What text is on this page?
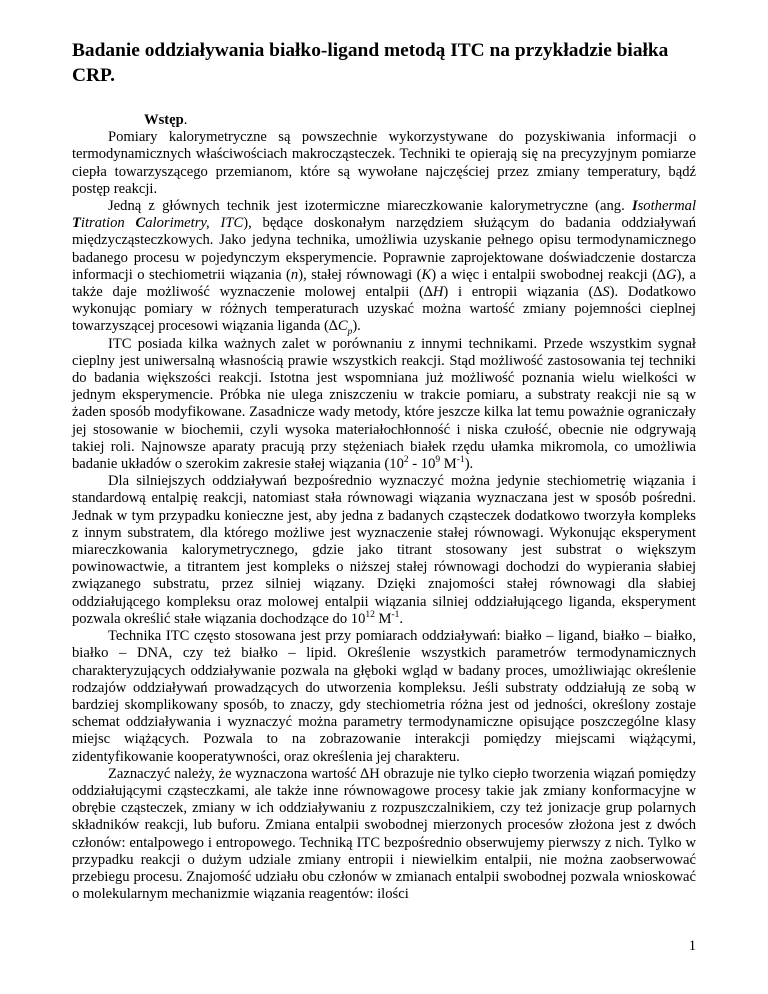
Badanie oddziaływania białko-ligand metodą ITC na przykładzie białka CRP.

Wstęp.

Pomiary kalorymetryczne są powszechnie wykorzystywane do pozyskiwania informacji o termodynamicznych właściwościach makrocząsteczek. Techniki te opierają się na precyzyjnym pomiarze ciepła towarzyszącego przemianom, które są wywołane najczęściej przez zmiany temperatury, bądź postęp reakcji.

Jedną z głównych technik jest izotermiczne miareczkowanie kalorymetryczne (ang. Isothermal Titration Calorimetry, ITC), będące doskonałym narzędziem służącym do badania oddziaływań międzycząsteczkowych. Jako jedyna technika, umożliwia uzyskanie pełnego opisu termodynamicznego badanego procesu w pojedynczym eksperymencie. Poprawnie zaprojektowane doświadczenie dostarcza informacji o stechiometrii wiązania (n), stałej równowagi (K) a więc i entalpii swobodnej reakcji (∆G), a także daje możliwość wyznaczenie molowej entalpii (∆H) i entropii wiązania (∆S). Dodatkowo wykonując pomiary w różnych temperaturach uzyskać można wartość zmiany pojemności cieplnej towarzyszącej procesowi wiązania liganda $(\Delta C_p)$.

ITC posiada kilka ważnych zalet w porównaniu z innymi technikami. Przede wszystkim sygnał cieplny jest uniwersalną własnością prawie wszystkich reakcji. Stąd możliwość zastosowania tej techniki do badania większości reakcji. Istotna jest wspomniana już możliwość poznania wielu wielkości w jednym eksperymencie. Próbka nie ulega zniszczeniu w trakcie pomiaru, a substraty reakcji nie są w żaden sposób modyfikowane. Zasadnicze wady metody, które jeszcze kilka lat temu poważnie ograniczały jej stosowanie w biochemii, czyli wysoka materiałochłonność i niska czułość, obecnie nie odgrywają takiej roli. Najnowsze aparaty pracują przy stężeniach białek rzędu ułamka mikromola, co umożliwia badanie układów o szerokim zakresie stałej wiązania ($10^2 - 10^9$ $M^{-1}$).

Dla silniejszych oddziaływań bezpośrednio wyznaczyć można jedynie stechiometrię wiązania i standardową entalpię reakcji, natomiast stała równowagi wiązania wyznaczana jest w sposób pośredni. Jednak w tym przypadku konieczne jest, aby jedna z badanych cząsteczek dodatkowo tworzyła kompleks z innym substratem, dla którego możliwe jest wyznaczenie stałej równowagi. Wykonując eksperyment miareczkowania kalorymetrycznego, gdzie jako titrant stosowany jest substrat o większym powinowactwie, a titrantem jest kompleks o niższej stałej równowagi dochodzi do wypierania słabiej związanego substratu, przez silniej wiązany. Dzięki znajomości stałej równowagi dla słabiej oddziałującego kompleksu oraz molowej entalpii wiązania silniej oddziałującego liganda, eksperyment pozwala określić stałe wiązania dochodzące do $10^{12}$ $M^{-1}$.

Technika ITC często stosowana jest przy pomiarach oddziaływań: białko – ligand, białko – białko, białko – DNA, czy też białko – lipid. Określenie wszystkich parametrów termodynamicznych charakteryzujących oddziaływanie pozwala na głęboki wgląd w badany proces, umożliwiając określenie rodzajów oddziaływań prowadzących do utworzenia kompleksu. Jeśli substraty oddziałują ze sobą w bardziej skomplikowany sposób, to znaczy, gdy stechiometria różna jest od jedności, określony zostaje schemat oddziaływania i wyznaczyć można parametry termodynamiczne opisujące poszczególne klasy miejsc wiążących. Pozwala to na zobrazowanie interakcji pomiędzy miejscami wiążącymi, zidentyfikowanie kooperatywności, oraz określenia jej charakteru.

Zaznaczyć należy, że wyznaczona wartość ∆H obrazuje nie tylko ciepło tworzenia wiązań pomiędzy oddziałującymi cząsteczkami, ale także inne równowagowe procesy takie jak zmiany konformacyjne w obrębie cząsteczek, zmiany w ich oddziaływaniu z rozpuszczalnikiem, czy też jonizacje grup polarnych składników reakcji, lub buforu. Zmiana entalpii swobodnej mierzonych procesów złożona jest z dwóch członów: entalpowego i entropowego. Techniką ITC bezpośrednio obserwujemy pierwszy z nich. Tylko w przypadku reakcji o dużym udziale zmiany entropii i niewielkim entalpii, nie można zaobserwować przebiegu procesu. Znajomość udziału obu członów w zmianach entalpii swobodnej pozwala wnioskować o molekularnym mechanizmie wiązania reagentów: ilości

1
